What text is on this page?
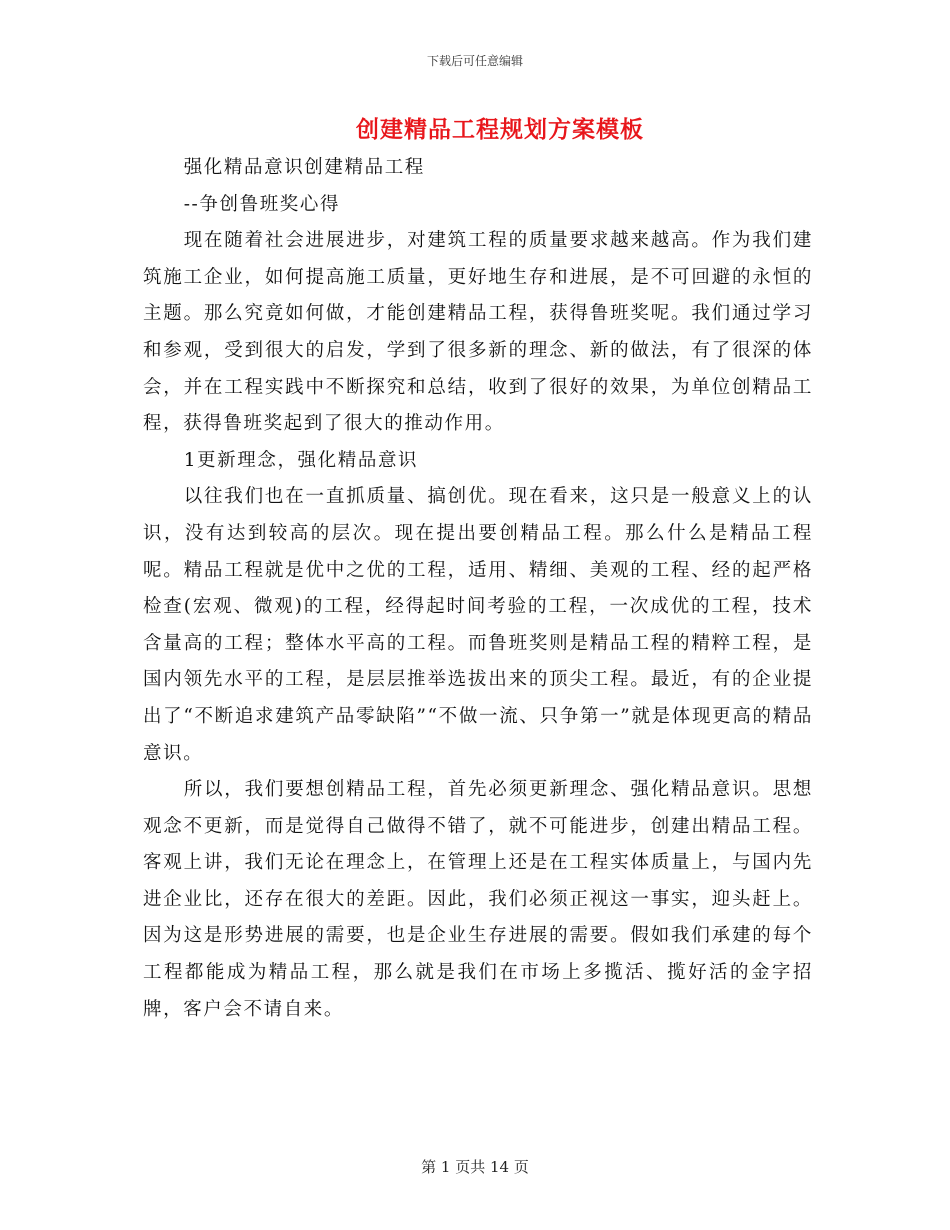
下载后可任意编辑
创建精品工程规划方案模板

强化精品意识创建精品工程

--争创鲁班奖心得

现在随着社会进展进步，对建筑工程的质量要求越来越高。作为我们建筑施工企业，如何提高施工质量，更好地生存和进展，是不可回避的永恒的主题。那么究竟如何做，才能创建精品工程，获得鲁班奖呢。我们通过学习和参观，受到很大的启发，学到了很多新的理念、新的做法，有了很深的体会，并在工程实践中不断探究和总结，收到了很好的效果，为单位创精品工程，获得鲁班奖起到了很大的推动作用。

1更新理念，强化精品意识

以往我们也在一直抓质量、搞创优。现在看来，这只是一般意义上的认识，没有达到较高的层次。现在提出要创精品工程。那么什么是精品工程呢。精品工程就是优中之优的工程，适用、精细、美观的工程、经的起严格检查(宏观、微观)的工程，经得起时间考验的工程，一次成优的工程，技术含量高的工程；整体水平高的工程。而鲁班奖则是精品工程的精粹工程，是国内领先水平的工程，是层层推举选拔出来的顶尖工程。最近，有的企业提出了“不断追求建筑产品零缺陷”“不做一流、只争第一”就是体现更高的精品意识。

所以，我们要想创精品工程，首先必须更新理念、强化精品意识。思想观念不更新，而是觉得自己做得不错了，就不可能进步，创建出精品工程。客观上讲，我们无论在理念上，在管理上还是在工程实体质量上，与国内先进企业比，还存在很大的差距。因此，我们必须正视这一事实，迎头赶上。因为这是形势进展的需要，也是企业生存进展的需要。假如我们承建的每个工程都能成为精品工程，那么就是我们在市场上多揽活、揽好活的金字招牌，客户会不请自来。

第 1 页共 14 页
